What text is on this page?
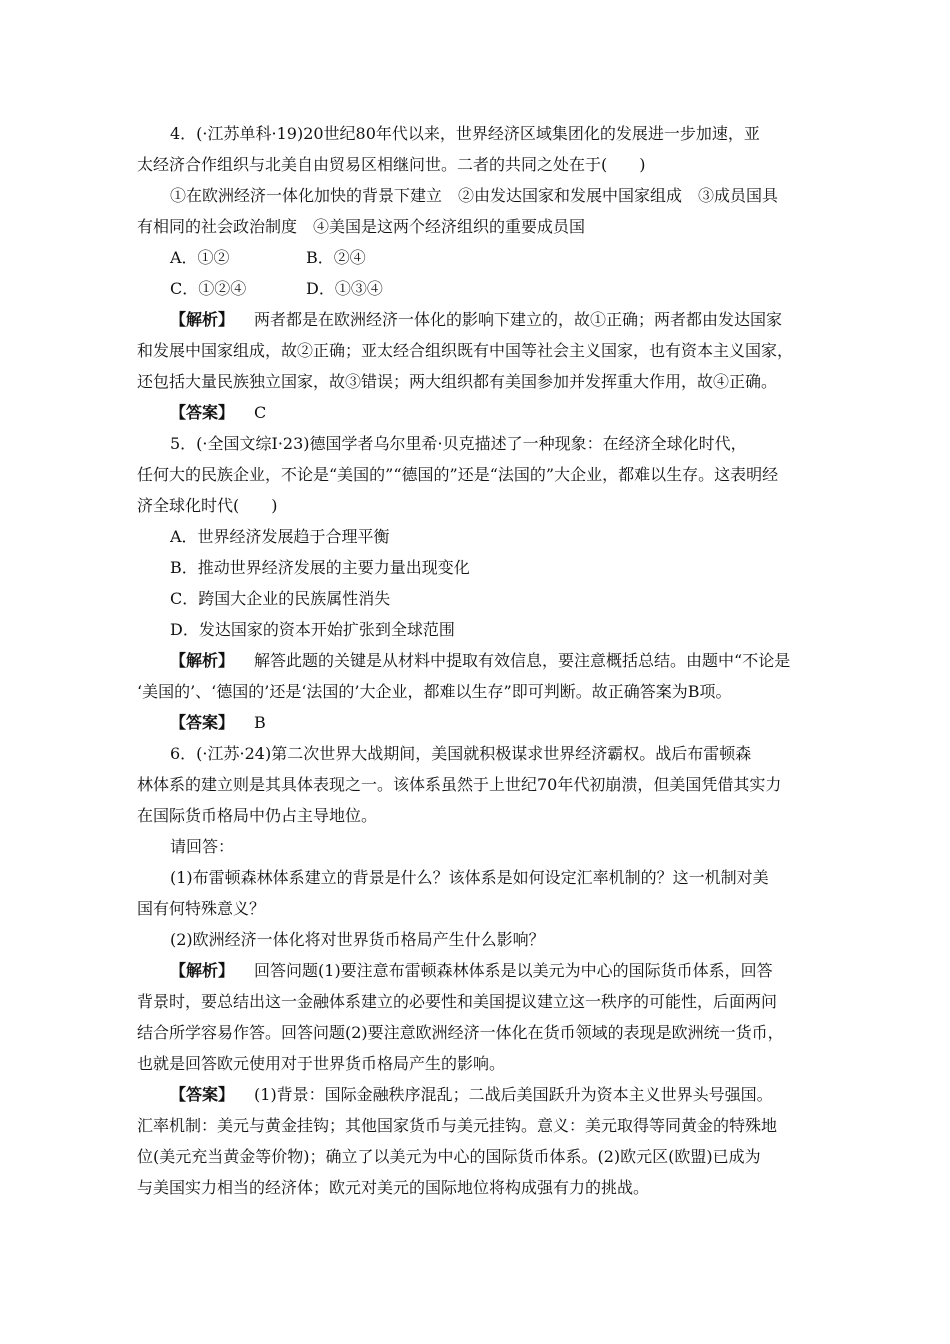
4．(·江苏单科·19)20世纪80年代以来，世界经济区域集团化的发展进一步加速，亚
太经济合作组织与北美自由贸易区相继问世。二者的共同之处在于(　　)
①在欧洲经济一体化加快的背景下建立　②由发达国家和发展中国家组成　③成员国具
有相同的社会政治制度　④美国是这两个经济组织的重要成员国
A．①②	B．②④
C．①②④	D．①③④
【解析】 两者都是在欧洲经济一体化的影响下建立的，故①正确；两者都由发达国家
和发展中国家组成，故②正确；亚太经合组织既有中国等社会主义国家，也有资本主义国家，
还包括大量民族独立国家，故③错误；两大组织都有美国参加并发挥重大作用，故④正确。
【答案】 C
5．(·全国文综Ⅰ·23)德国学者乌尔里希·贝克描述了一种现象：在经济全球化时代，
任何大的民族企业，不论是“美国的”“德国的”还是“法国的”大企业，都难以生存。这表明经
济全球化时代(　　)
A．世界经济发展趋于合理平衡
B．推动世界经济发展的主要力量出现变化
C．跨国大企业的民族属性消失
D．发达国家的资本开始扩张到全球范围
【解析】 解答此题的关键是从材料中提取有效信息，要注意概括总结。由题中“不论是
‘美国的’、‘德国的’还是‘法国的’大企业，都难以生存”即可判断。故正确答案为B项。
【答案】 B
6．(·江苏·24)第二次世界大战期间，美国就积极谋求世界经济霸权。战后布雷顿森
林体系的建立则是其具体表现之一。该体系虽然于上世纪70年代初崩溃，但美国凭借其实力
在国际货币格局中仍占主导地位。
请回答：
(1)布雷顿森林体系建立的背景是什么？该体系是如何设定汇率机制的？这一机制对美
国有何特殊意义？
(2)欧洲经济一体化将对世界货币格局产生什么影响？
【解析】 回答问题(1)要注意布雷顿森林体系是以美元为中心的国际货币体系，回答
背景时，要总结出这一金融体系建立的必要性和美国提议建立这一秩序的可能性，后面两问
结合所学容易作答。回答问题(2)要注意欧洲经济一体化在货币领域的表现是欧洲统一货币，
也就是回答欧元使用对于世界货币格局产生的影响。
【答案】 (1)背景：国际金融秩序混乱；二战后美国跃升为资本主义世界头号强国。
汇率机制：美元与黄金挂钩；其他国家货币与美元挂钩。意义：美元取得等同黄金的特殊地
位(美元充当黄金等价物)；确立了以美元为中心的国际货币体系。(2)欧元区(欧盟)已成为
与美国实力相当的经济体；欧元对美元的国际地位将构成强有力的挑战。
